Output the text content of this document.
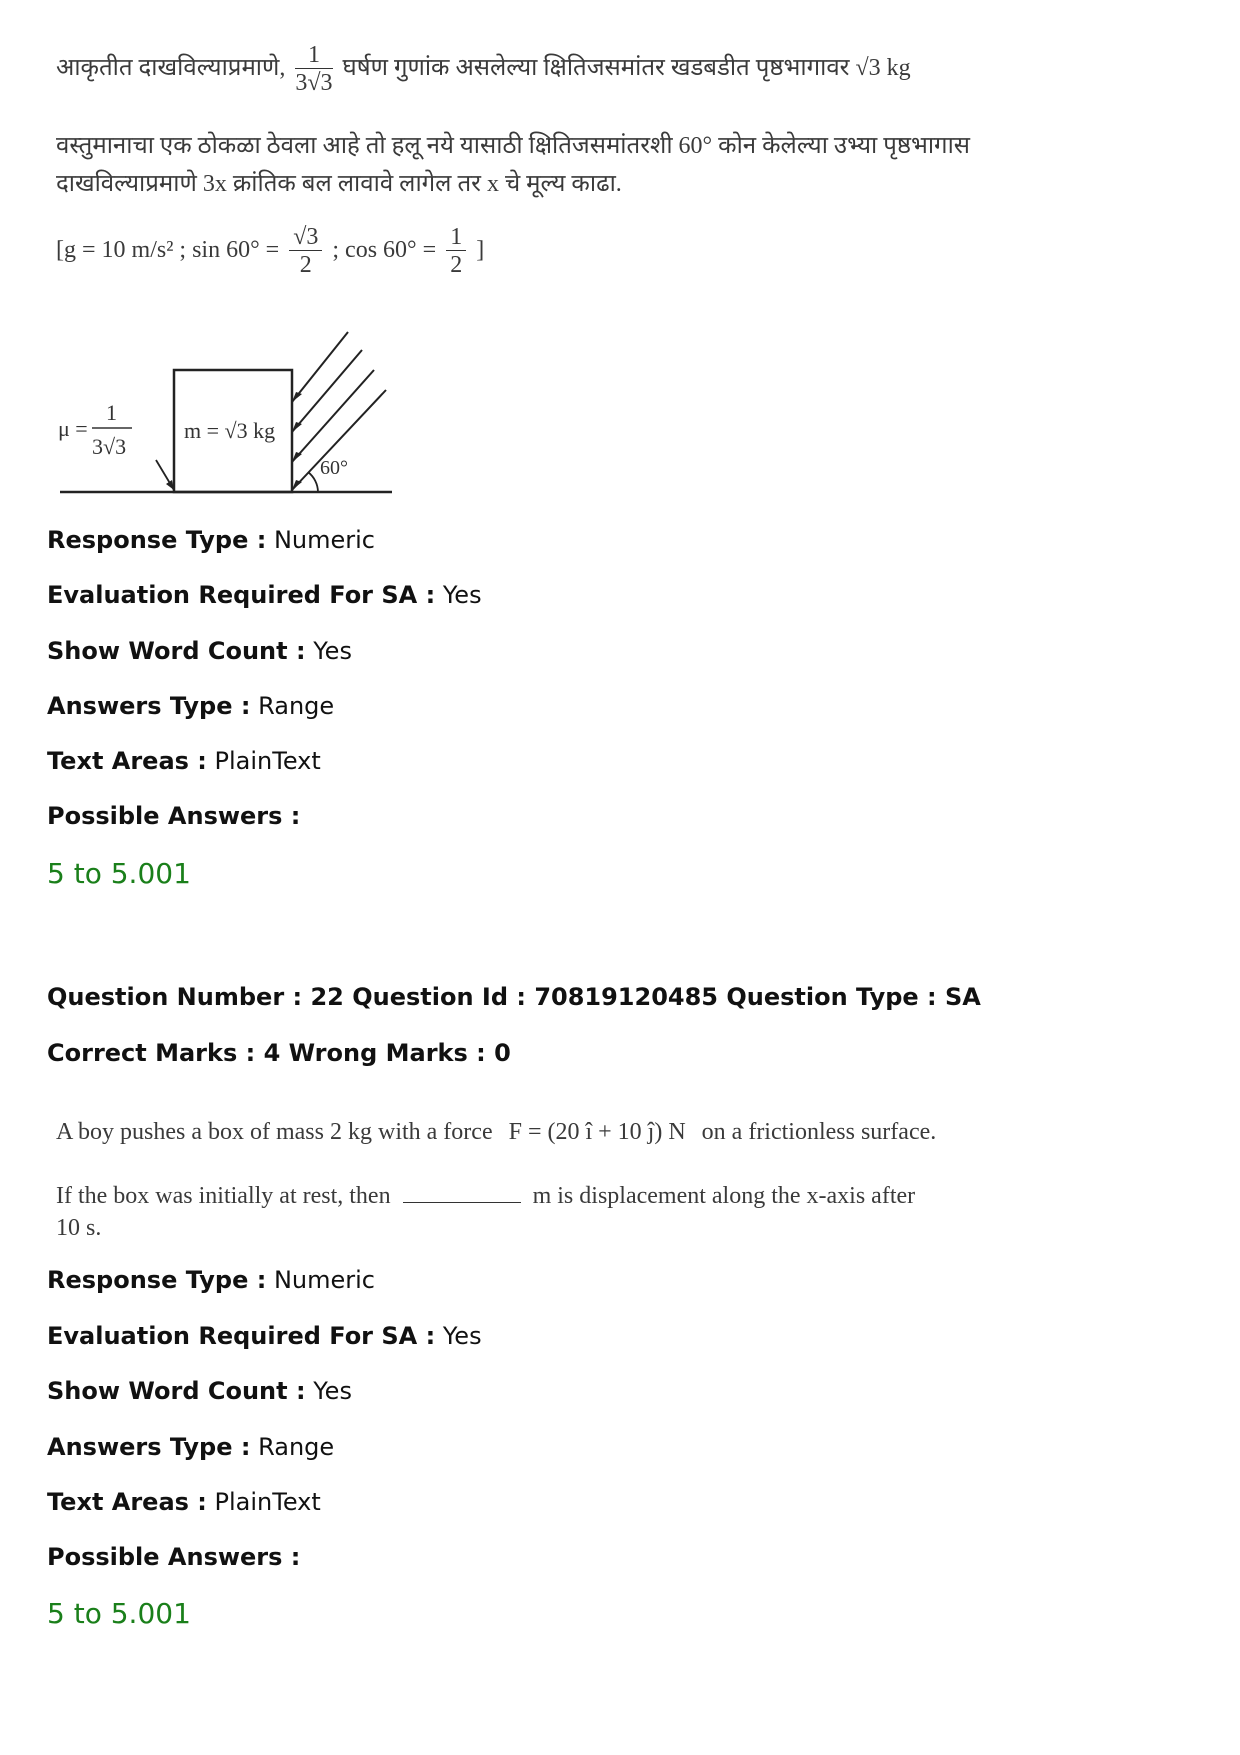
आकृतीत दाखविल्याप्रमाणे, $\frac{1}{3√3}$ घर्षण गुणांक असलेल्या क्षितिजसमांतर खडबडीत पृष्ठभागावर √3 kg
वस्तुमानाचा एक ठोकळा ठेवला आहे तो हलू नये यासाठी क्षितिजसमांतरशी 60° कोन केलेल्या उभ्या पृष्ठभागास
दाखविल्याप्रमाणे 3x क्रांतिक बल लावावे लागेल तर x चे मूल्य काढा.
[g = 10 m/s² ; $\sin 60^\circ = \frac{√3}{2}$ ; $\cos 60^\circ = \frac{1}{2}$ ]
60°
μ =
1
3√3
m = √3 kg
Response Type : Numeric
Evaluation Required For SA : Yes
Show Word Count : Yes
Answers Type : Range
Text Areas : PlainText
Possible Answers :
5 to 5.001
Question Number : 22 Question Id : 70819120485 Question Type : SA
Correct Marks : 4 Wrong Marks : 0
A boy pushes a box of mass 2 kg with a force F = (20 î + 10 ĵ) N on a frictionless surface.
If the box was initially at rest, then	m is displacement along the x-axis after
10 s.
Response Type : Numeric
Evaluation Required For SA : Yes
Show Word Count : Yes
Answers Type : Range
Text Areas : PlainText
Possible Answers :
5 to 5.001
